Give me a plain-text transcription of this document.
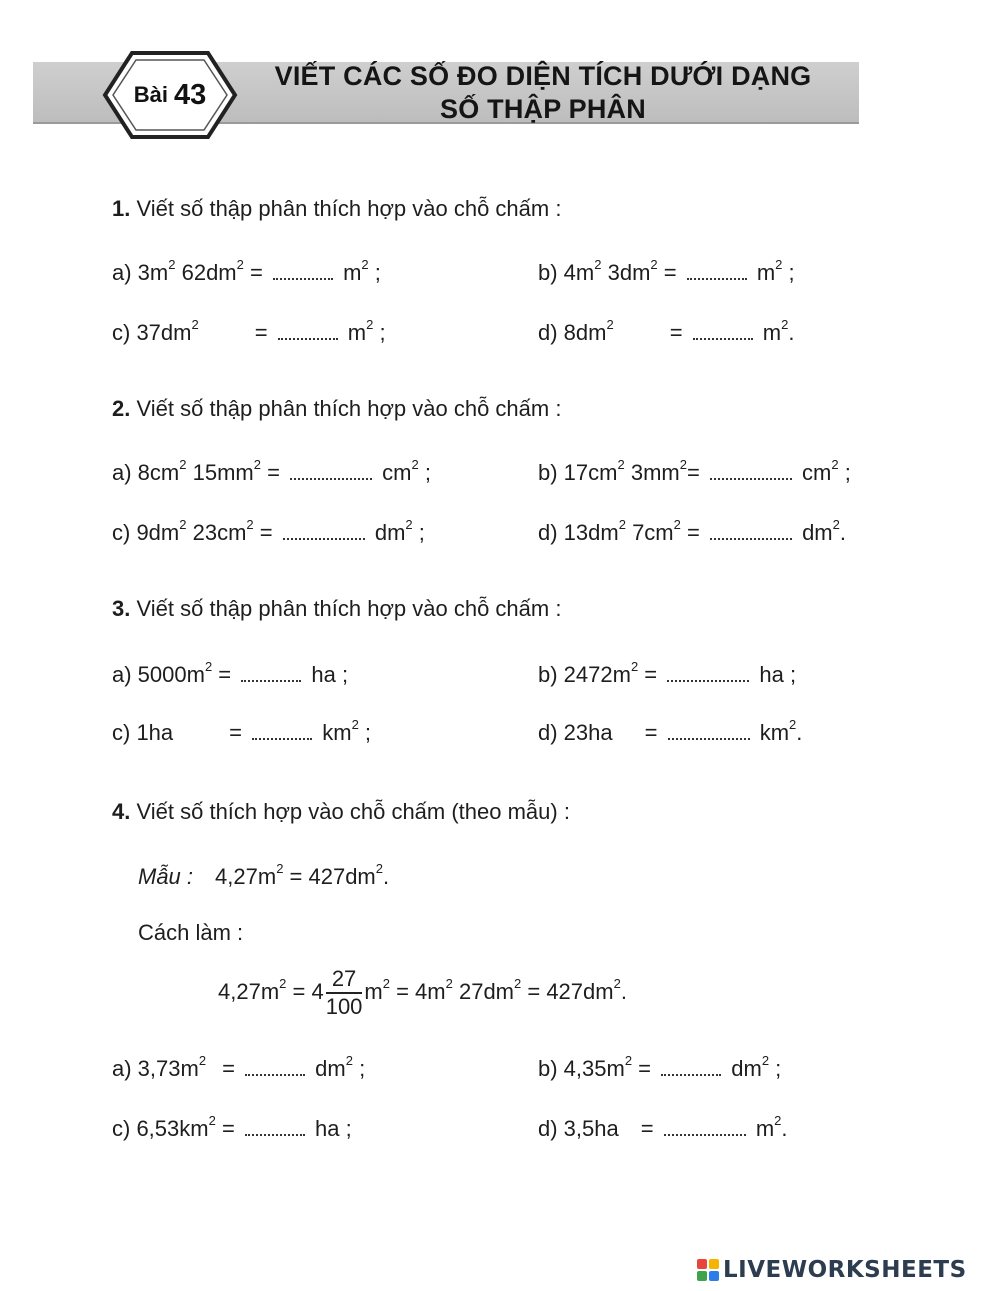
Bài 43
VIẾT CÁC SỐ ĐO DIỆN TÍCH DƯỚI DẠNG
SỐ THẬP PHÂN
1. Viết số thập phân thích hợp vào chỗ chấm :
a) $3m^2$ $62dm^2$ =	$m^2$ ;	b) $4m^2$ $3dm^2$ =	$m^2$ ;
c) $37dm^2$	=	$m^2$ ;	d) $8dm^2$	=	$m^2$.
2. Viết số thập phân thích hợp vào chỗ chấm :
a) $8cm^2$ $15mm^2$ =	$cm^2$ ;	b) $17cm^2$ $3mm^2=$	$cm^2$ ;
c) $9dm^2$ $23cm^2$ =	$dm^2$ ;	d) $13dm^2$ $7cm^2$ =	$dm^2$.
3. Viết số thập phân thích hợp vào chỗ chấm :
a) $5000m^2$ =	ha ;	b) $2472m^2$ =	ha ;
c) 1ha	=	$km^2$ ;	d) 23ha =	$km^2$.
4. Viết số thích hợp vào chỗ chấm (theo mẫu) :
Mẫu : $4,27m^2 = 427dm^2$.
Cách làm :
$4,27m^2 = 4 \frac{27}{100} m^2 = 4m^2$ $27dm^2 = 427dm^2$.
a) $3,73m^2$ =	$dm^2$ ;	b) $4,35m^2$ =	$dm^2$ ;
c) $6,53km^2$ =	ha ;	d) 3,5ha =	$m^2$.
LIVEWORKSHEETS
